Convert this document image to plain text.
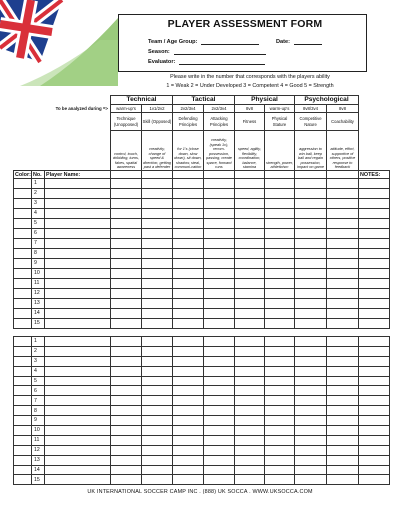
PLAYER ASSESSMENT FORM
Team / Age Group:	Date:
Season:
Evaluator:
Please write in the number that corresponds with the players ability
1 = Weak 2 = Under Developed 3 = Competent 4 = Good 5 = Strength
			Technical		Tactical		Physical		Psychological		
To be analyzed during =>			warm-up's	1v1/2v2	2v2/3v4	2v2/3v4	8v8	warm-up's	8v8/3v4	8v8	
			Technique (Unopposed)	Skill (Opposed)	Defending Principles	Attacking Principles	Fitness	Physical Stature	Competitive Nature	Coachability	
			control, touch, dribbling, turns, fakes, spatial awareness	creativity, change of speed & direction, getting past a defender	for 1's (close down, slow down), sit down, shadow, steal, communi-cation	creativity, (speak 1v), recom-possession, passing, create space, forward runs	speed, agility, flexibility, coordination, balance, stamina	strength, power, athleticism	aggression to win ball, keep ball and regain possession, impact on game	attitude, effort, supportive of others, positive response to feedback	
Color:	No.	Player Name:									NOTES:
	1										
	2										
	3										
	4										
	5										
	6										
	7										
	8										
	9										
	10										
	11										
	12										
	13										
	14										
	15										
	1										
	2										
	3										
	4										
	5										
	6										
	7										
	8										
	9										
	10										
	11										
	12										
	13										
	14										
	15										
UK INTERNATIONAL SOCCER CAMP INC . (888) UK SOCCA . WWW.UKSOCCA.COM
